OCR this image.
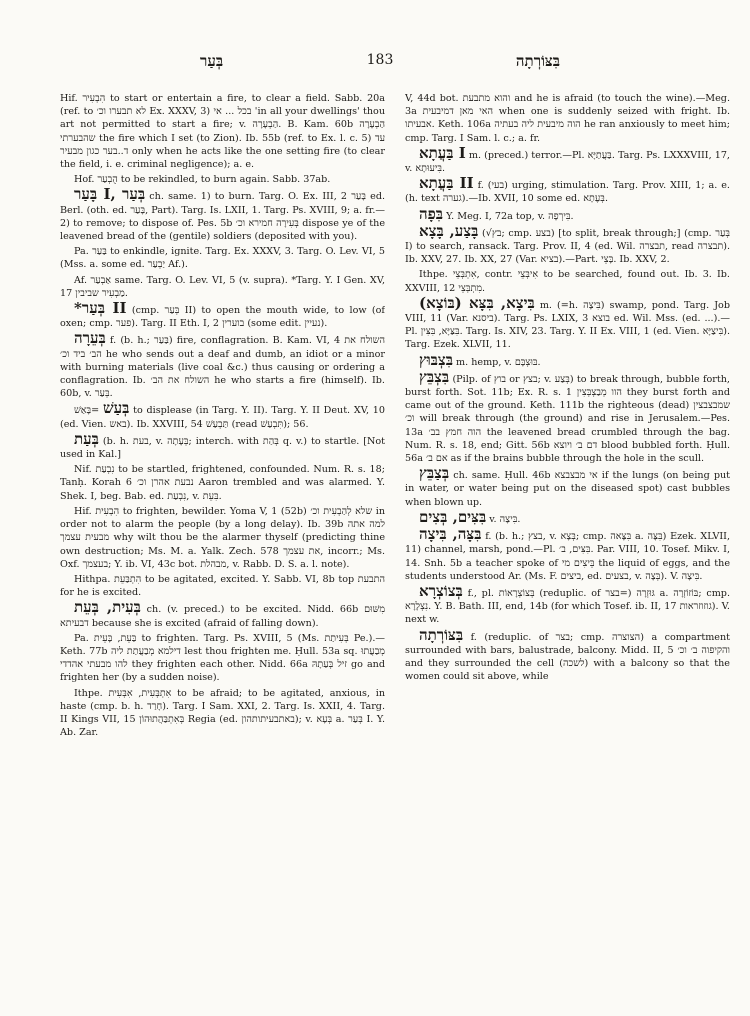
בְּעַר	183	בִּצּוֹרְתָה

Hif. הִבְעִיר to start or entertain a fire, to clear a field. Sabb. 20a (ref. to לא תבערו וכ׳ Ex. XXXV, 3) בכל ... אי 'in all your dwellings' thou art not permitted to start a fire; v. הַבְעָרָה. B. Kam. 60b הַבְעָרָה שהבערתי the fire which I set (to Zion). Ib. 55b (ref. to Ex. l. c. 5) עד ד..בער כגון מבעיר only when he acts like the one setting fire (to clear the field, i. e. criminal negligence); a. e.

Hof. הֻבְעַר to be rekindled, to burn again. Sabb. 37ab.

בָּעַר I, בְּעַר ch. same. 1) to burn. Targ. O. Ex. III, 2 בָּעַר ed. Berl. (oth. ed. בָּעַר, Part). Targ. Is. LXII, 1. Targ. Ps. XVIII, 9; a. fr.—2) to remove; to dispose of. Pes. 5b בְּעִירָה חמירא וכ׳ dispose ye of the leavened bread of the (gentile) soldiers (deposited with you).

Pa. בַּעַר to enkindle, ignite. Targ. Ex. XXXV, 3. Targ. O. Lev. VI, 5 (Mss. a. some ed. יַבְעַר Af.).

Af. אַבְעַר same. Targ. O. Lev. VI, 5 (v. supra). *Targ. Y. I Gen. XV, 17 מַבְעִיר שביבין.

*בְּעַר II (cmp. בְּעַר II) to open the mouth wide, to low (of oxen; cmp. פער). Targ. II Eth. I, 2 בוערין (some edit. נעיין).

בְּעֵרָה f. (b. h.; בַּעַר) fire, conflagration. B. Kam. VI, 4 השולח את הב׳ ביד וכ׳ he who sends out a deaf and dumb, an idiot or a minor with burning materials (live coal &c.) thus causing or ordering a conflagration. Ib. השולח את הב׳ he who starts a fire (himself). Ib. 60b, v. בְּעַר.

בְּעַשׁ =בָּאַשׁ to displease (in Targ. Y. II). Targ. Y. II Deut. XV, 10 (ed. Vien. באש). Ib. XXVIII, 54 תַּבְעַשׁ (read תִּבְעַשׁ); 56.

בְּעַת (b. h. בעת, v. בְּעָתָה; interch. with בְּהַת q. v.) to startle. [Not used in Kal.]

Nif. נִבְעַת to be startled, frightened, confounded. Num. R. s. 18; Tanḥ. Korah 6 נבעת אהרן וכ׳ Aaron trembled and was alarmed. Y. Shek. I, beg. Bab. ed. נִבְעַת, v. בִּעֵת.

Hif. הִבְעִית to frighten, bewilder. Yoma V, 1 (52b) שלא לְהַבְעִית וכ׳ in order not to alarm the people (by a long delay). Ib. 39b למה אתה מבעית עצמך why wilt thou be the alarmer thyself (predicting thine own destruction; Ms. M. a. Yalk. Zech. 578 את עצמך, incorr.; Ms. Oxf. בעצמך; Y. ib. VI, 43c bot. מבהלת, v. Rabb. D. S. a. l. note).

Hithpa. הִתְבַּעֵת to be agitated, excited. Y. Sabb. VI, 8b top התבעת for he is excited.

בְּעִית, בְּעֵת ch. (v. preced.) to be excited. Nidd. 66b מִשּׁוּם דבעיתא because she is excited (afraid of falling down).

Pa. בַּעֵת, בָּעֵית to frighten. Targ. Ps. XVIII, 5 (Ms. בְּעִיתַת Pe.).—Keth. 77b דילמא מְבַעֲתַת ליה lest thou frighten me. Ḥull. 53a sq. מְבַעֲתוּ להו מבעתי אהדדי they frighten each other. Nidd. 66a זיל בְּעַתָהּ go and frighten her (by a sudden noise).

Ithpe. אִתְבְּעִית, אִבְּעִית to be afraid; to be agitated, anxious, in haste (cmp. b. h. חָרַד). Targ. I Sam. XXI, 2. Targ. Is. XXII, 4. Targ. II Kings VII, 15 בְּאִתְבַּהֲתוּהוֹן Regia (ed. באתבעיתותהון); v. בְּעָא a. בְּעַר I. Y. Ab. Zar.

V, 44d bot. והוא מתבעת and he is afraid (to touch the wine).—Meg. 3a האי מאן דמיבעית when one is suddenly seized with fright. Ib. אבעיתו. Keth. 106a הוה מיבעית ליה בעתיה he ran anxiously to meet him; cmp. Targ. I Sam. l. c.; a. fr.

בַּעֲתָא I m. (preced.) terror.—Pl. בַּעֲתַיָּא. Targ. Ps. LXXXVIII, 17, v. בִּיעוּתָא.

בַּעֲתָא II f. (בעי) urging, stimulation. Targ. Prov. XIII, 1; a. e. (h. text גערה).—Ib. XVII, 10 some ed. בְּעֶתָא.

בִּפָה Y. Meg. I, 72a top, v. בִּירְפָה.

בָּצַע, בָּצָא (√בץ; cmp. בצע) [to split, break through;] (cmp. בְּעַר I) to search, ransack. Targ. Prov. II, 4 (ed. Wil. תבצרה, read תבצרה). Ib. XXV, 27. Ib. XX, 27 (Var. בציא).—Part. בָּצֵי. Ib. XXV, 2.

Ithpe. אִתְבְּצֵי, contr. אִיבְּצֵי to be searched, found out. Ib. 3. Ib. XXVIII, 12 מִתְבְּצֵי.

(בּוֹצָא) בִּיצָא, בִּצָּא m. (=h. בִּיצָה) swamp, pond. Targ. Job VIII, 11 (Var. ביסנא). Targ. Ps. LXIX, 3 בוצא ed. Wil. Mss. (ed. ...).—Pl. בִּצַּיָּא, בִּצִּין. Targ. Is. XIV, 23. Targ. Y. II Ex. VIII, 1 (ed. Vien. בִּיצַיָּא). Targ. Ezek. XLVII, 11.

בִּצְבּוּץ m. hemp, v. בּוּצְבָּם.

בִּצְבֵּץ (Pilp. of בוץ or בצץ; v. בְּצַע) to break through, bubble forth, burst forth. Sot. 11b; Ex. R. s. 1 הוו מְבַצְבְּצִין they burst forth and came out of the ground. Keth. 111b the righteous (dead) שמבצבצין וכ׳ will break through (the ground) and rise in Jerusalem.—Pes. 13a הוה חמץ בב׳ the leavened bread crumbled through the bag. Num. R. s. 18, end; Gitt. 56b דם ב׳ ויוצא blood bubbled forth. Ḥull. 56a אם ב׳ as if the brains bubble through the hole in the scull.

בְּצַבֵּץ ch. same. Ḥull. 46b אי מבצבצא if the lungs (on being put in water, or water being put on the diseased spot) cast bubbles when blown up.

בִּצִּים, בְּצִים v. בִּיצָה.

בִּצָּה, בִּיצָה f. (b. h.; בצץ, v. בְּצָא; cmp. בִּצָּאה a. בִּצָּה) Ezek. XLVII, 11) channel, marsh, pond.—Pl. בִּצִּים, ב׳. Par. VIII, 10. Tosef. Mikv. I, 14. Snh. 5b a teacher spoke of בֵּיצִים מי the liquid of eggs, and the students understood Ar. (Ms. F. ביצים, ed. בצעים, v. בְּצָה). V. בִּיצָה.

בְּצוֹצְרָא f., pl. בְּצוֹצְרָאוֹת (reduplic. of בצר=) גּוּזְרָה a. בּוֹזוֹזְרָה; cmp. נִצְלָרָא. Y. B. Bath. III, end, 14b (for which Tosef. ib. II, 17 גוזוזראות). V. next w.

בִּצּוֹרְתָה f. (reduplic. of בצר; cmp. הצוצרה) a compartment surrounded with bars, balustrade, balcony. Midd. II, 5 והקיפוה ב׳ וכ׳ and they surrounded the cell (לשכה) with a balcony so that the women could sit above, while
